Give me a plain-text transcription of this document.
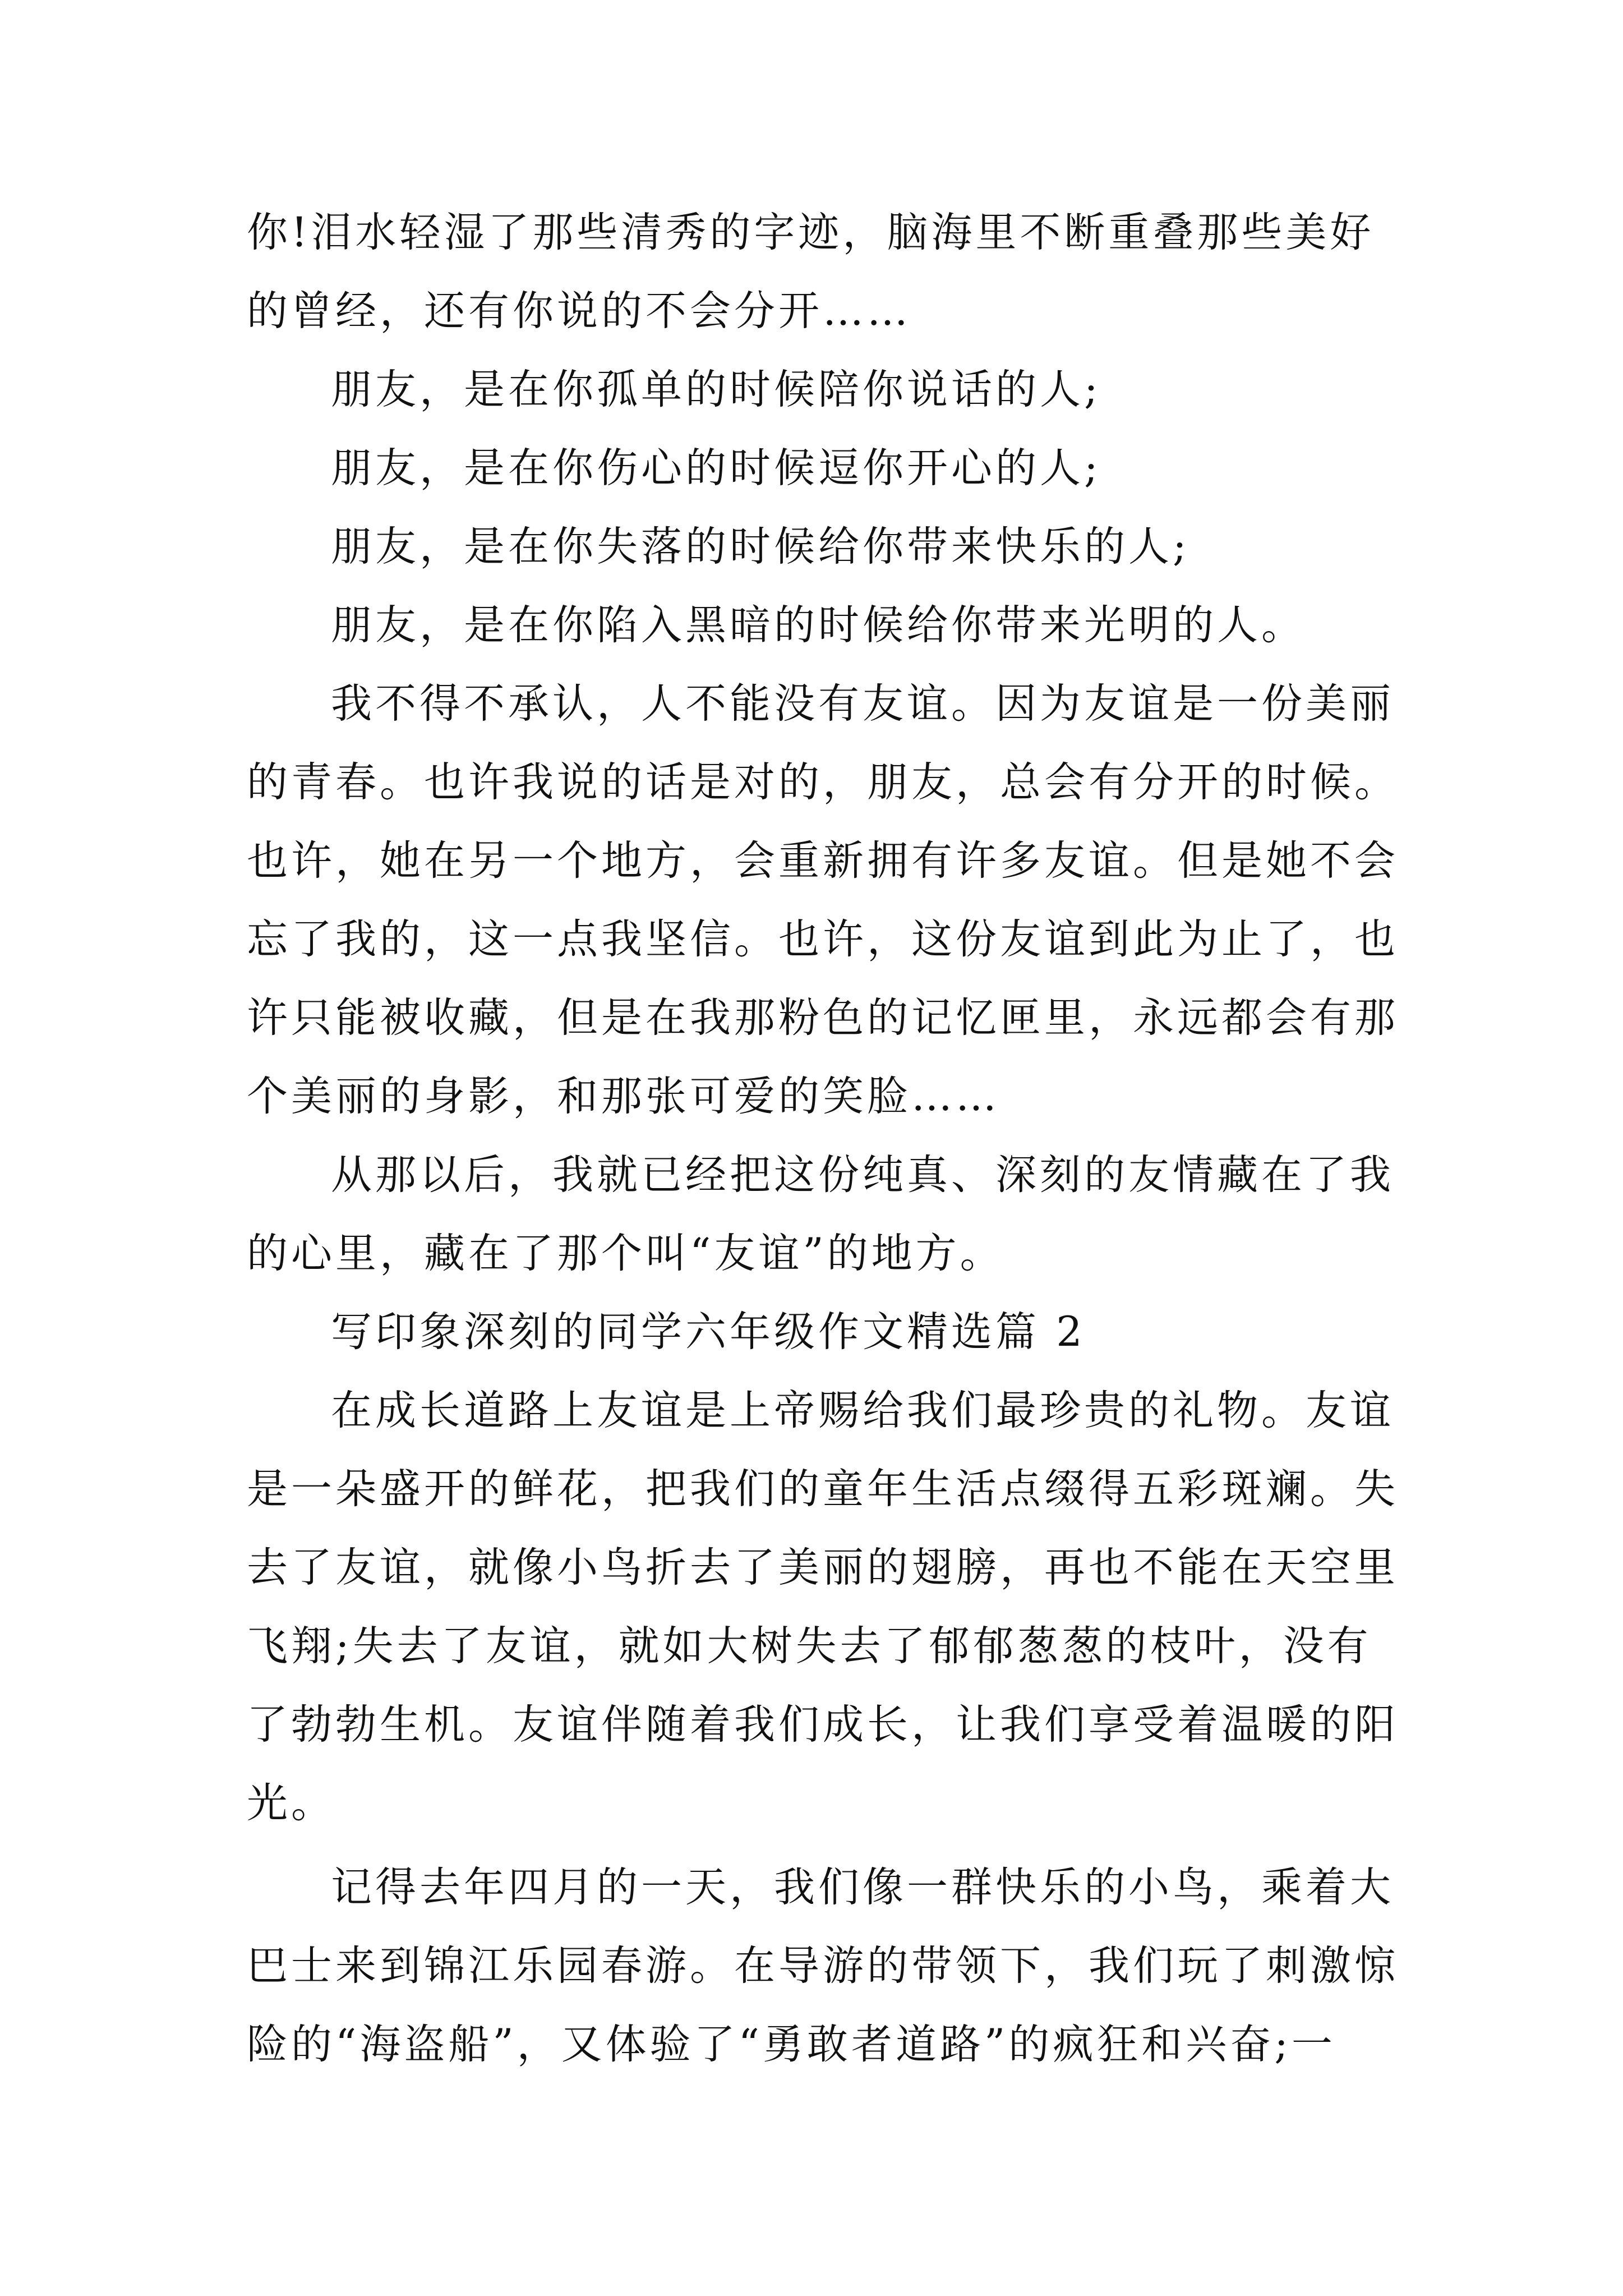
你!泪水轻湿了那些清秀的字迹，脑海里不断重叠那些美好
的曾经，还有你说的不会分开……
朋友，是在你孤单的时候陪你说话的人;
朋友，是在你伤心的时候逗你开心的人;
朋友，是在你失落的时候给你带来快乐的人;
朋友，是在你陷入黑暗的时候给你带来光明的人。
我不得不承认，人不能没有友谊。因为友谊是一份美丽
的青春。也许我说的话是对的，朋友，总会有分开的时候。
也许，她在另一个地方，会重新拥有许多友谊。但是她不会
忘了我的，这一点我坚信。也许，这份友谊到此为止了，也
许只能被收藏，但是在我那粉色的记忆匣里，永远都会有那
个美丽的身影，和那张可爱的笑脸……
从那以后，我就已经把这份纯真、深刻的友情藏在了我
的心里，藏在了那个叫“友谊”的地方。
写印象深刻的同学六年级作文精选篇 2
在成长道路上友谊是上帝赐给我们最珍贵的礼物。友谊
是一朵盛开的鲜花，把我们的童年生活点缀得五彩斑斓。失
去了友谊，就像小鸟折去了美丽的翅膀，再也不能在天空里
飞翔;失去了友谊，就如大树失去了郁郁葱葱的枝叶，没有
了勃勃生机。友谊伴随着我们成长，让我们享受着温暖的阳
光。
记得去年四月的一天，我们像一群快乐的小鸟，乘着大
巴士来到锦江乐园春游。在导游的带领下，我们玩了刺激惊
险的“海盗船”，又体验了“勇敢者道路”的疯狂和兴奋;一
